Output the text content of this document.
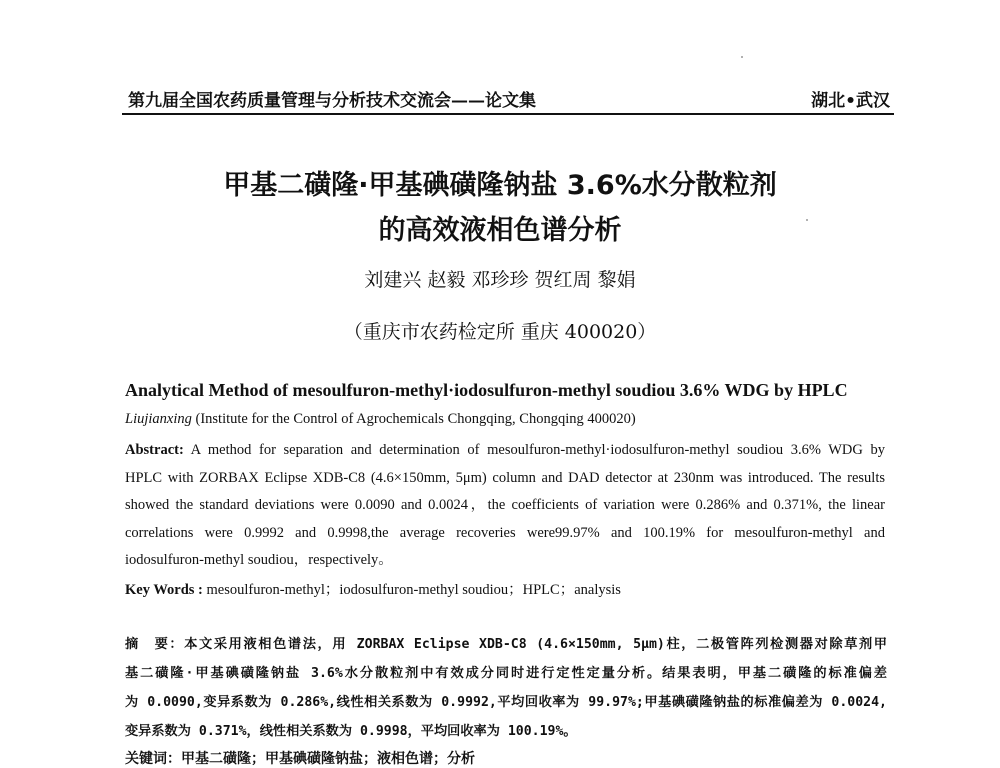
第九届全国农药质量管理与分析技术交流会——论文集	湖北•武汉
甲基二磺隆·甲基碘磺隆钠盐 3.6%水分散粒剂
的高效液相色谱分析
刘建兴 赵毅 邓珍珍 贺红周 黎娟
（重庆市农药检定所 重庆 400020）
Analytical Method of mesoulfuron-methyl·iodosulfuron-methyl soudiou 3.6% WDG by HPLC
Liujianxing (Institute for the Control of Agrochemicals Chongqing, Chongqing 400020)
Abstract: A method for separation and determination of mesoulfuron-methyl·iodosulfuron-methyl soudiou 3.6% WDG by
HPLC with ZORBAX Eclipse XDB-C8 (4.6×150mm, 5μm) column and DAD detector at 230nm was introduced. The results
showed the standard deviations were 0.0090 and 0.0024，the coefficients of variation were 0.286% and 0.371%, the linear
correlations were 0.9992 and 0.9998,the average recoveries were99.97% and 100.19% for mesoulfuron-methyl and
iodosulfuron-methyl soudiou，respectively。
Key Words : mesoulfuron-methyl；iodosulfuron-methyl soudiou；HPLC；analysis
摘　要：本文采用液相色谱法，用 ZORBAX Eclipse XDB-C8 (4.6×150mm, 5μm)柱，二极管阵列检测器对除草剂甲
基二磺隆·甲基碘磺隆钠盐 3.6%水分散粒剂中有效成分同时进行定性定量分析。结果表明，甲基二磺隆的标准偏差
为 0.0090,变异系数为 0.286%,线性相关系数为 0.9992,平均回收率为 99.97%;甲基碘磺隆钠盐的标准偏差为 0.0024,
变异系数为 0.371%，线性相关系数为 0.9998，平均回收率为 100.19%。
关键词：甲基二磺隆；甲基碘磺隆钠盐；液相色谱；分析
